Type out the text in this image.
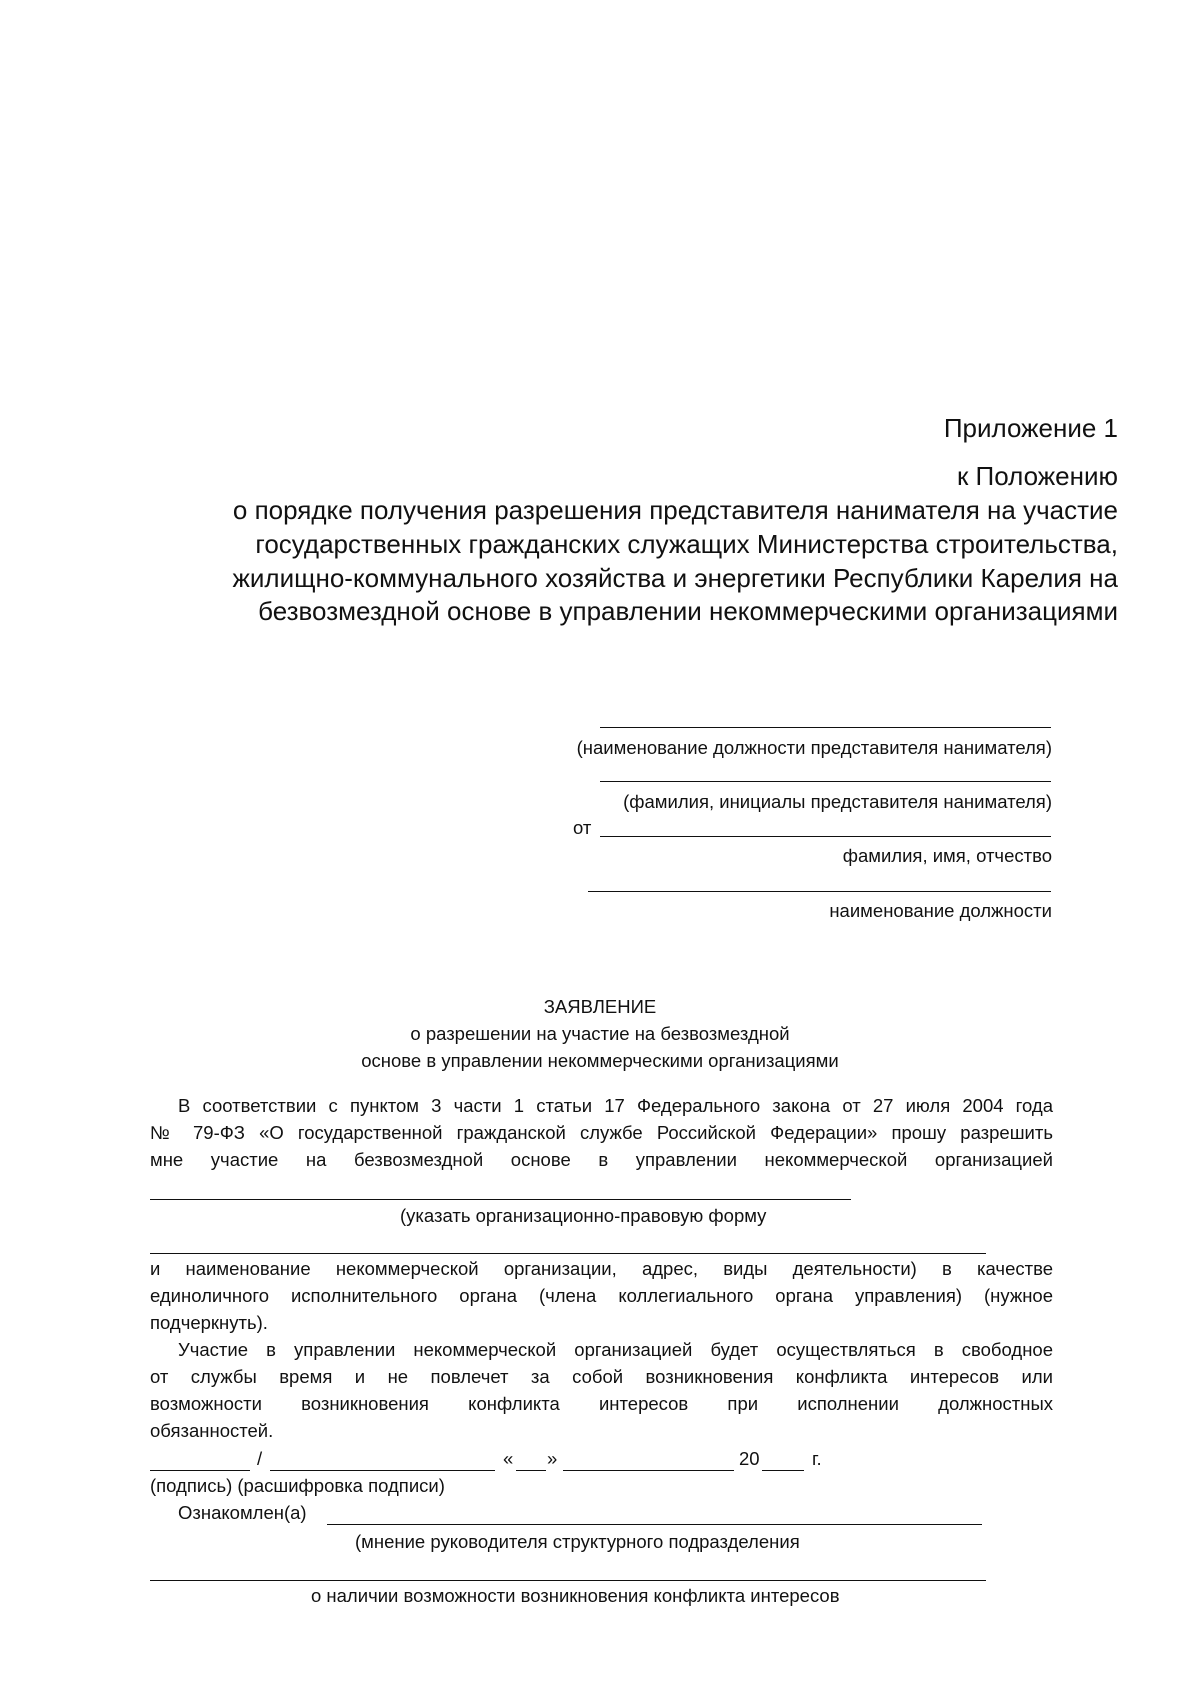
Приложение 1
к Положению
о порядке получения разрешения представителя нанимателя на участие
государственных гражданских служащих Министерства строительства,
жилищно-коммунального хозяйства и энергетики Республики Карелия на
безвозмездной основе в управлении некоммерческими организациями
(наименование должности представителя нанимателя)
(фамилия, инициалы представителя нанимателя)
от
фамилия, имя, отчество
наименование должности
ЗАЯВЛЕНИЕ
о разрешении на участие на безвозмездной
основе в управлении некоммерческими организациями
В соответствии с пунктом 3 части 1 статьи 17 Федерального закона от 27 июля 2004 года
№ 79-ФЗ «О государственной гражданской службе Российской Федерации» прошу разрешить
мне участие на безвозмездной основе в управлении некоммерческой организацией
(указать организационно-правовую форму
и наименование некоммерческой организации, адрес, виды деятельности) в качестве
единоличного исполнительного органа (члена коллегиального органа управления) (нужное
подчеркнуть).
Участие в управлении некоммерческой организацией будет осуществляться в свободное
от службы время и не повлечет за собой возникновения конфликта интересов или
возможности возникновения конфликта интересов при исполнении должностных
обязанностей.
/	« »	20	г.
(подпись) (расшифровка подписи)
Ознакомлен(а)
(мнение руководителя структурного подразделения
о наличии возможности возникновения конфликта интересов
